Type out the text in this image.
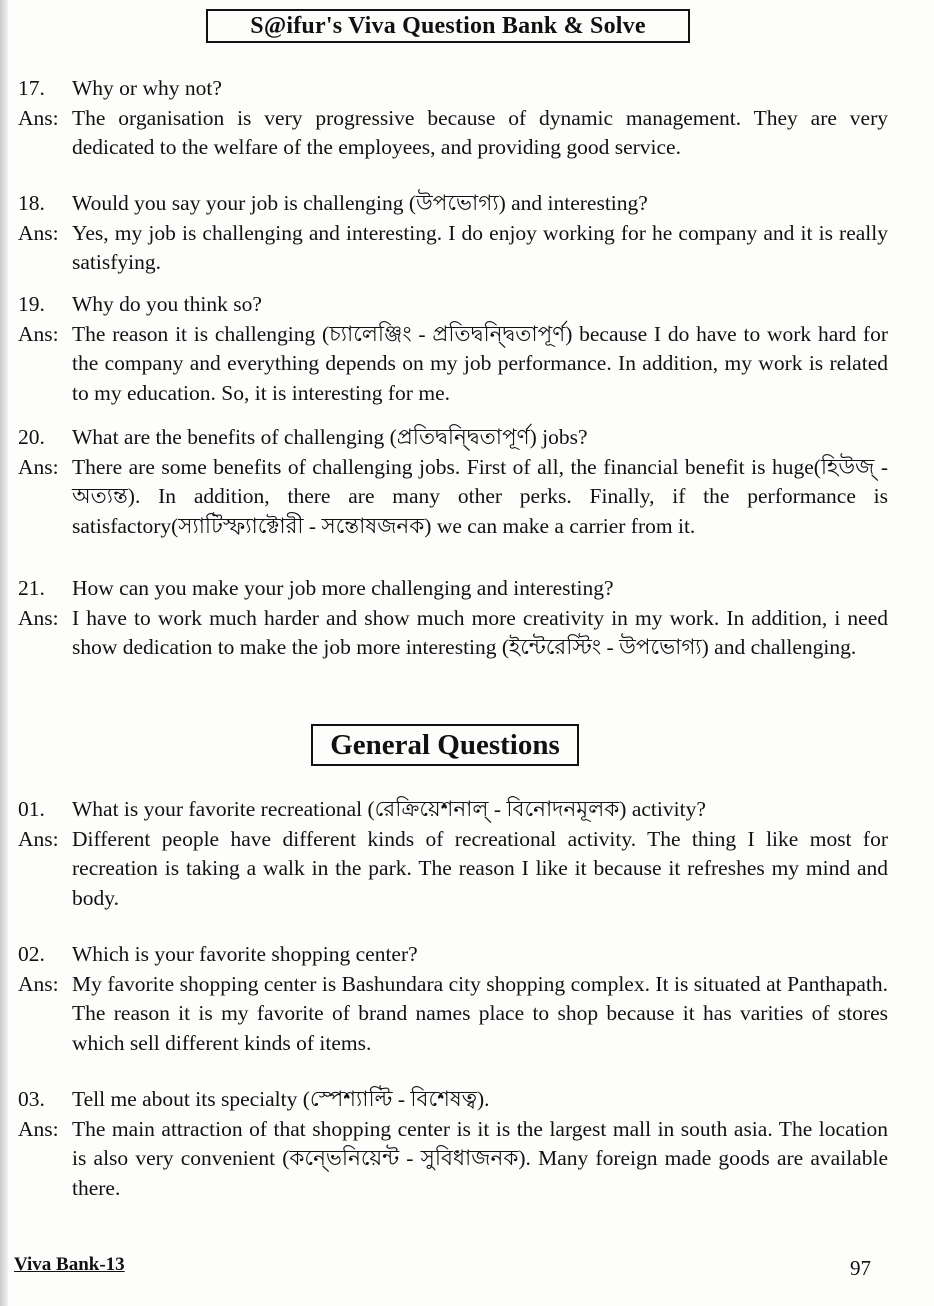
S@ifur's Viva Question Bank & Solve
17.	Why or why not?
Ans: The organisation is very progressive because of dynamic management. They are very dedicated to the welfare of the employees, and providing good service.
18.	Would you say your job is challenging (উপভোগ্য) and interesting?
Ans: Yes, my job is challenging and interesting. I do enjoy working for he company and it is really satisfying.
19.	Why do you think so?
Ans: The reason it is challenging (চ্যালেঞ্জিং - প্রতিদ্বন্দ্বিতাপূর্ণ) because I do have to work hard for the company and everything depends on my job performance. In addition, my work is related to my education. So, it is interesting for me.
20.	What are the benefits of challenging (প্রতিদ্বন্দ্বিতাপূর্ণ) jobs?
Ans: There are some benefits of challenging jobs. First of all, the financial benefit is huge(হিউজ্ - অত্যন্ত). In addition, there are many other perks. Finally, if the performance is satisfactory(স্যাটিস্ফ্যাক্টোরী - সন্তোষজনক) we can make a carrier from it.
21.	How can you make your job more challenging and interesting?
Ans: I have to work much harder and show much more creativity in my work. In addition, i need show dedication to make the job more interesting (ইন্টেরেস্টিং - উপভোগ্য) and challenging.
General Questions
01.	What is your favorite recreational (রেক্রিয়েশনাল্ - বিনোদনমূলক) activity?
Ans: Different people have different kinds of recreational activity. The thing I like most for recreation is taking a walk in the park. The reason I like it because it refreshes my mind and body.
02.	Which is your favorite shopping center?
Ans: My favorite shopping center is Bashundara city shopping complex. It is situated at Panthapath. The reason it is my favorite of brand names place to shop because it has varities of stores which sell different kinds of items.
03.	Tell me about its specialty (স্পেশ্যাল্টি - বিশেষত্ব).
Ans: The main attraction of that shopping center is it is the largest mall in south asia. The location is also very convenient (কন্ভেনিয়েন্ট - সুবিধাজনক). Many foreign made goods are available there.
Viva Bank-13	97
